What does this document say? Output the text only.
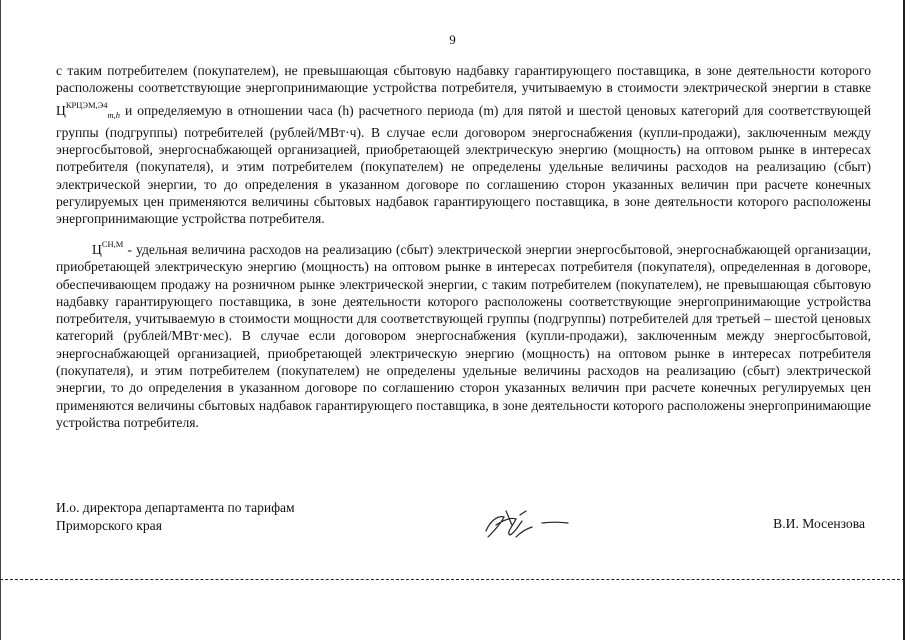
9

с таким потребителем (покупателем), не превышающая сбытовую надбавку гарантирующего поставщика, в зоне деятельности которого расположены соответствующие энергопринимающие устройства потребителя, учитываемую в стоимости электрической энергии в ставке $Ц^{КРЦЭМ,Э4}_{m,h}$ и определяемую в отношении часа (h) расчетного периода (m) для пятой и шестой ценовых категорий для соответствующей группы (подгруппы) потребителей (рублей/МВт·ч). В случае если договором энергоснабжения (купли-продажи), заключенным между энергосбытовой, энергоснабжающей организацией, приобретающей электрическую энергию (мощность) на оптовом рынке в интересах потребителя (покупателя), и этим потребителем (покупателем) не определены удельные величины расходов на реализацию (сбыт) электрической энергии, то до определения в указанном договоре по соглашению сторон указанных величин при расчете конечных регулируемых цен применяются величины сбытовых надбавок гарантирующего поставщика, в зоне деятельности которого расположены энергопринимающие устройства потребителя.

$Ц^{СН,М}$ - удельная величина расходов на реализацию (сбыт) электрической энергии энергосбытовой, энергоснабжающей организации, приобретающей электрическую энергию (мощность) на оптовом рынке в интересах потребителя (покупателя), определенная в договоре, обеспечивающем продажу на розничном рынке электрической энергии, с таким потребителем (покупателем), не превышающая сбытовую надбавку гарантирующего поставщика, в зоне деятельности которого расположены соответствующие энергопринимающие устройства потребителя, учитываемую в стоимости мощности для соответствующей группы (подгруппы) потребителей для третьей – шестой ценовых категорий (рублей/МВт·мес). В случае если договором энергоснабжения (купли-продажи), заключенным между энергосбытовой, энергоснабжающей организацией, приобретающей электрическую энергию (мощность) на оптовом рынке в интересах потребителя (покупателя), и этим потребителем (покупателем) не определены удельные величины расходов на реализацию (сбыт) электрической энергии, то до определения в указанном договоре по соглашению сторон указанных величин при расчете конечных регулируемых цен применяются величины сбытовых надбавок гарантирующего поставщика, в зоне деятельности которого расположены энергопринимающие устройства потребителя.

И.о. директора департамента по тарифам
Приморского края	В.И. Мосензова
